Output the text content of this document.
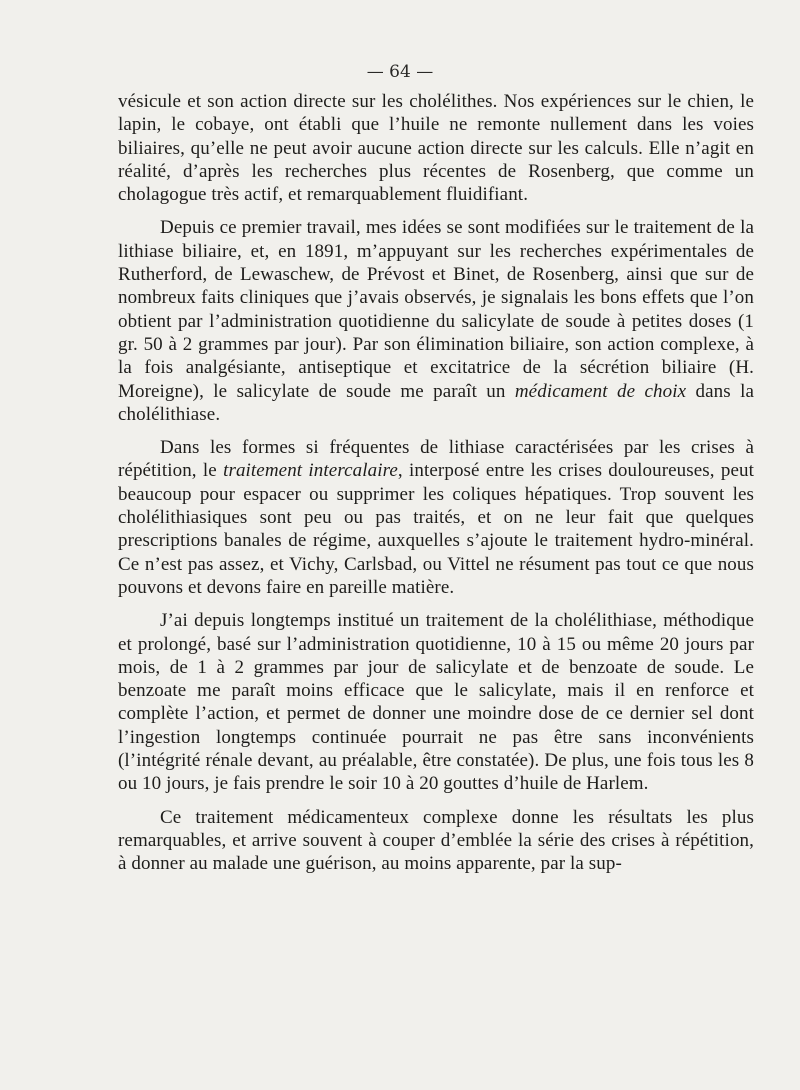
— 64 —

vésicule et son action directe sur les cholélithes. Nos expériences sur le chien, le lapin, le cobaye, ont établi que l’huile ne remonte nullement dans les voies biliaires, qu’elle ne peut avoir aucune action directe sur les calculs. Elle n’agit en réalité, d’après les recherches plus récentes de Rosenberg, que comme un cholagogue très actif, et remarquablement fluidifiant.

Depuis ce premier travail, mes idées se sont modifiées sur le traitement de la lithiase biliaire, et, en 1891, m’appuyant sur les recherches expérimentales de Rutherford, de Lewaschew, de Prévost et Binet, de Rosenberg, ainsi que sur de nombreux faits cliniques que j’avais observés, je signalais les bons effets que l’on obtient par l’administration quotidienne du salicylate de soude à petites doses (1 gr. 50 à 2 grammes par jour). Par son élimination biliaire, son action complexe, à la fois analgésiante, antiseptique et excitatrice de la sécrétion biliaire (H. Moreigne), le salicylate de soude me paraît un médicament de choix dans la cholélithiase.

Dans les formes si fréquentes de lithiase caractérisées par les crises à répétition, le traitement intercalaire, interposé entre les crises douloureuses, peut beaucoup pour espacer ou supprimer les coliques hépatiques. Trop souvent les cholélithiasiques sont peu ou pas traités, et on ne leur fait que quelques prescriptions banales de régime, auxquelles s’ajoute le traitement hydro-minéral. Ce n’est pas assez, et Vichy, Carlsbad, ou Vittel ne résument pas tout ce que nous pouvons et devons faire en pareille matière.

J’ai depuis longtemps institué un traitement de la cholélithiase, méthodique et prolongé, basé sur l’administration quotidienne, 10 à 15 ou même 20 jours par mois, de 1 à 2 grammes par jour de salicylate et de benzoate de soude. Le benzoate me paraît moins efficace que le salicylate, mais il en renforce et complète l’action, et permet de donner une moindre dose de ce dernier sel dont l’ingestion longtemps continuée pourrait ne pas être sans inconvénients (l’intégrité rénale devant, au préalable, être constatée). De plus, une fois tous les 8 ou 10 jours, je fais prendre le soir 10 à 20 gouttes d’huile de Harlem.

Ce traitement médicamenteux complexe donne les résultats les plus remarquables, et arrive souvent à couper d’emblée la série des crises à répétition, à donner au malade une guérison, au moins apparente, par la sup-
